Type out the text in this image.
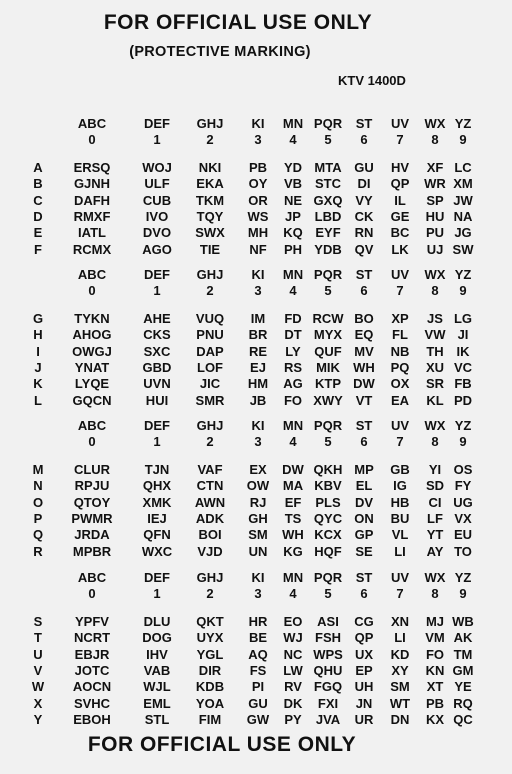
FOR OFFICIAL USE ONLY
(PROTECTIVE MARKING)
KTV 1400D
ABC	DEF GHJ KI MN PQR ST UV WX YZ
0	1	2	3 4 5 6 7 8 9
A ERSQ WOJ NKI PB YD MTA GU HV XF LC
B GJNH	ULF EKA OY VB STC DI QP WR XM
C DAFH	CUB TKM OR NE GXQ VY IL SP JW
D RMXF	IVO TQY WS JP LBD CK GE HU NA
E	IATL	DVO SWX MH KQ EYF RN BC PU JG
F RCMX AGO TIE NF PH YDB QV LK UJ SW
ABC	DEF GHJ KI MN PQR ST UV WX YZ
0	1	2	3 4 5 6 7 8 9
G TYKN	AHE VUQ IM FD RCW BO XP JS LG
H AHOG CKS PNU BR DT MYX EQ FL VW JI
I OWGJ SXC DAP RE LY QUF MV NB TH IK
J	YNAT	GBD LOF EJ RS MIK WH PQ XU VC
K LYQE	UVN JIC HM AG KTP DW OX SR FB
L GQCN	HUI SMR JB FO XWY VT EA KL PD
ABC	DEF GHJ KI MN PQR ST UV WX YZ
0	1	2	3 4 5 6 7 8 9
M CLUR	TJN VAF EX DW QKH MP GB YI OS
N RPJU	QHX CTN OW MA KBV EL IG SD FY
O QTOY XMK AWN RJ EF PLS DV HB CI UG
P PWMR	IEJ ADK GH TS QYC ON BU LF VX
Q JRDA	QFN BOI SM WH KCX GP VL YT EU
R MPBR WXC VJD UN KG HQF SE LI AY TO
ABC	DEF GHJ KI MN PQR ST UV WX YZ
0	1	2	3 4 5 6 7 8 9
S	YPFV	DLU QKT HR EO ASI CG XN MJ WB
T NCRT DOG UYX BE WJ FSH QP LI VM AK
U EBJR	IHV YGL AQ NC WPS UX KD FO TM
V JOTC	VAB DIR FS LW QHU EP XY KN GM
W AOCN WJL KDB PI RV FGQ UH SM XT YE
X SVHC	EML YOA GU DK FXI JN WT PB RQ
Y EBOH	STL FIM GW PY JVA UR DN KX QC
FOR OFFICIAL USE ONLY
